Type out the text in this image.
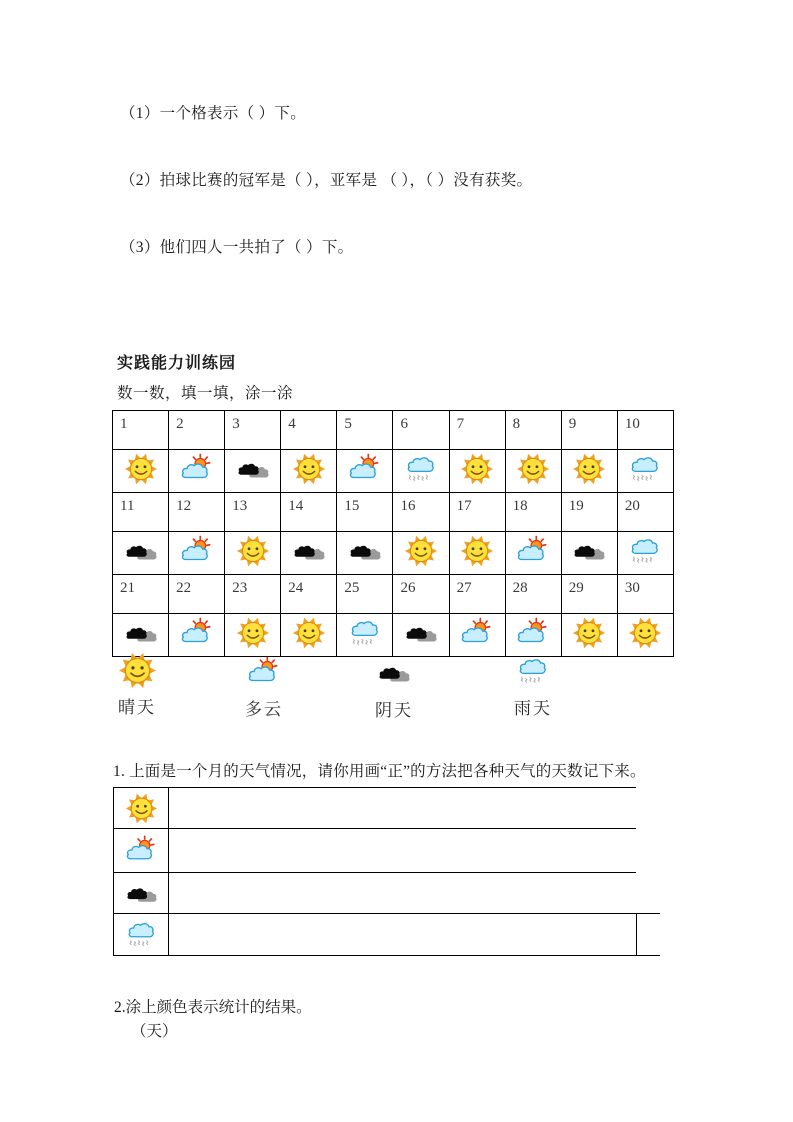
（1）一个格表示（ ）下。
（2）拍球比赛的冠军是（ ），亚军是 （ ），（ ）没有获奖。
（3）他们四人一共拍了（ ）下。
实践能力训练园
数一数，填一填，涂一涂
1	2	3	4	5	6	7	8	9	10

11	12	13	14	15	16	17	18	19	20

21	22	23	24	25	26	27	28	29	30

晴天	多云	阴天	雨天
1. 上面是一个月的天气情况，请你用画“正”的方法把各种天气的天数记下来。
2.涂上颜色表示统计的结果。
（天）
